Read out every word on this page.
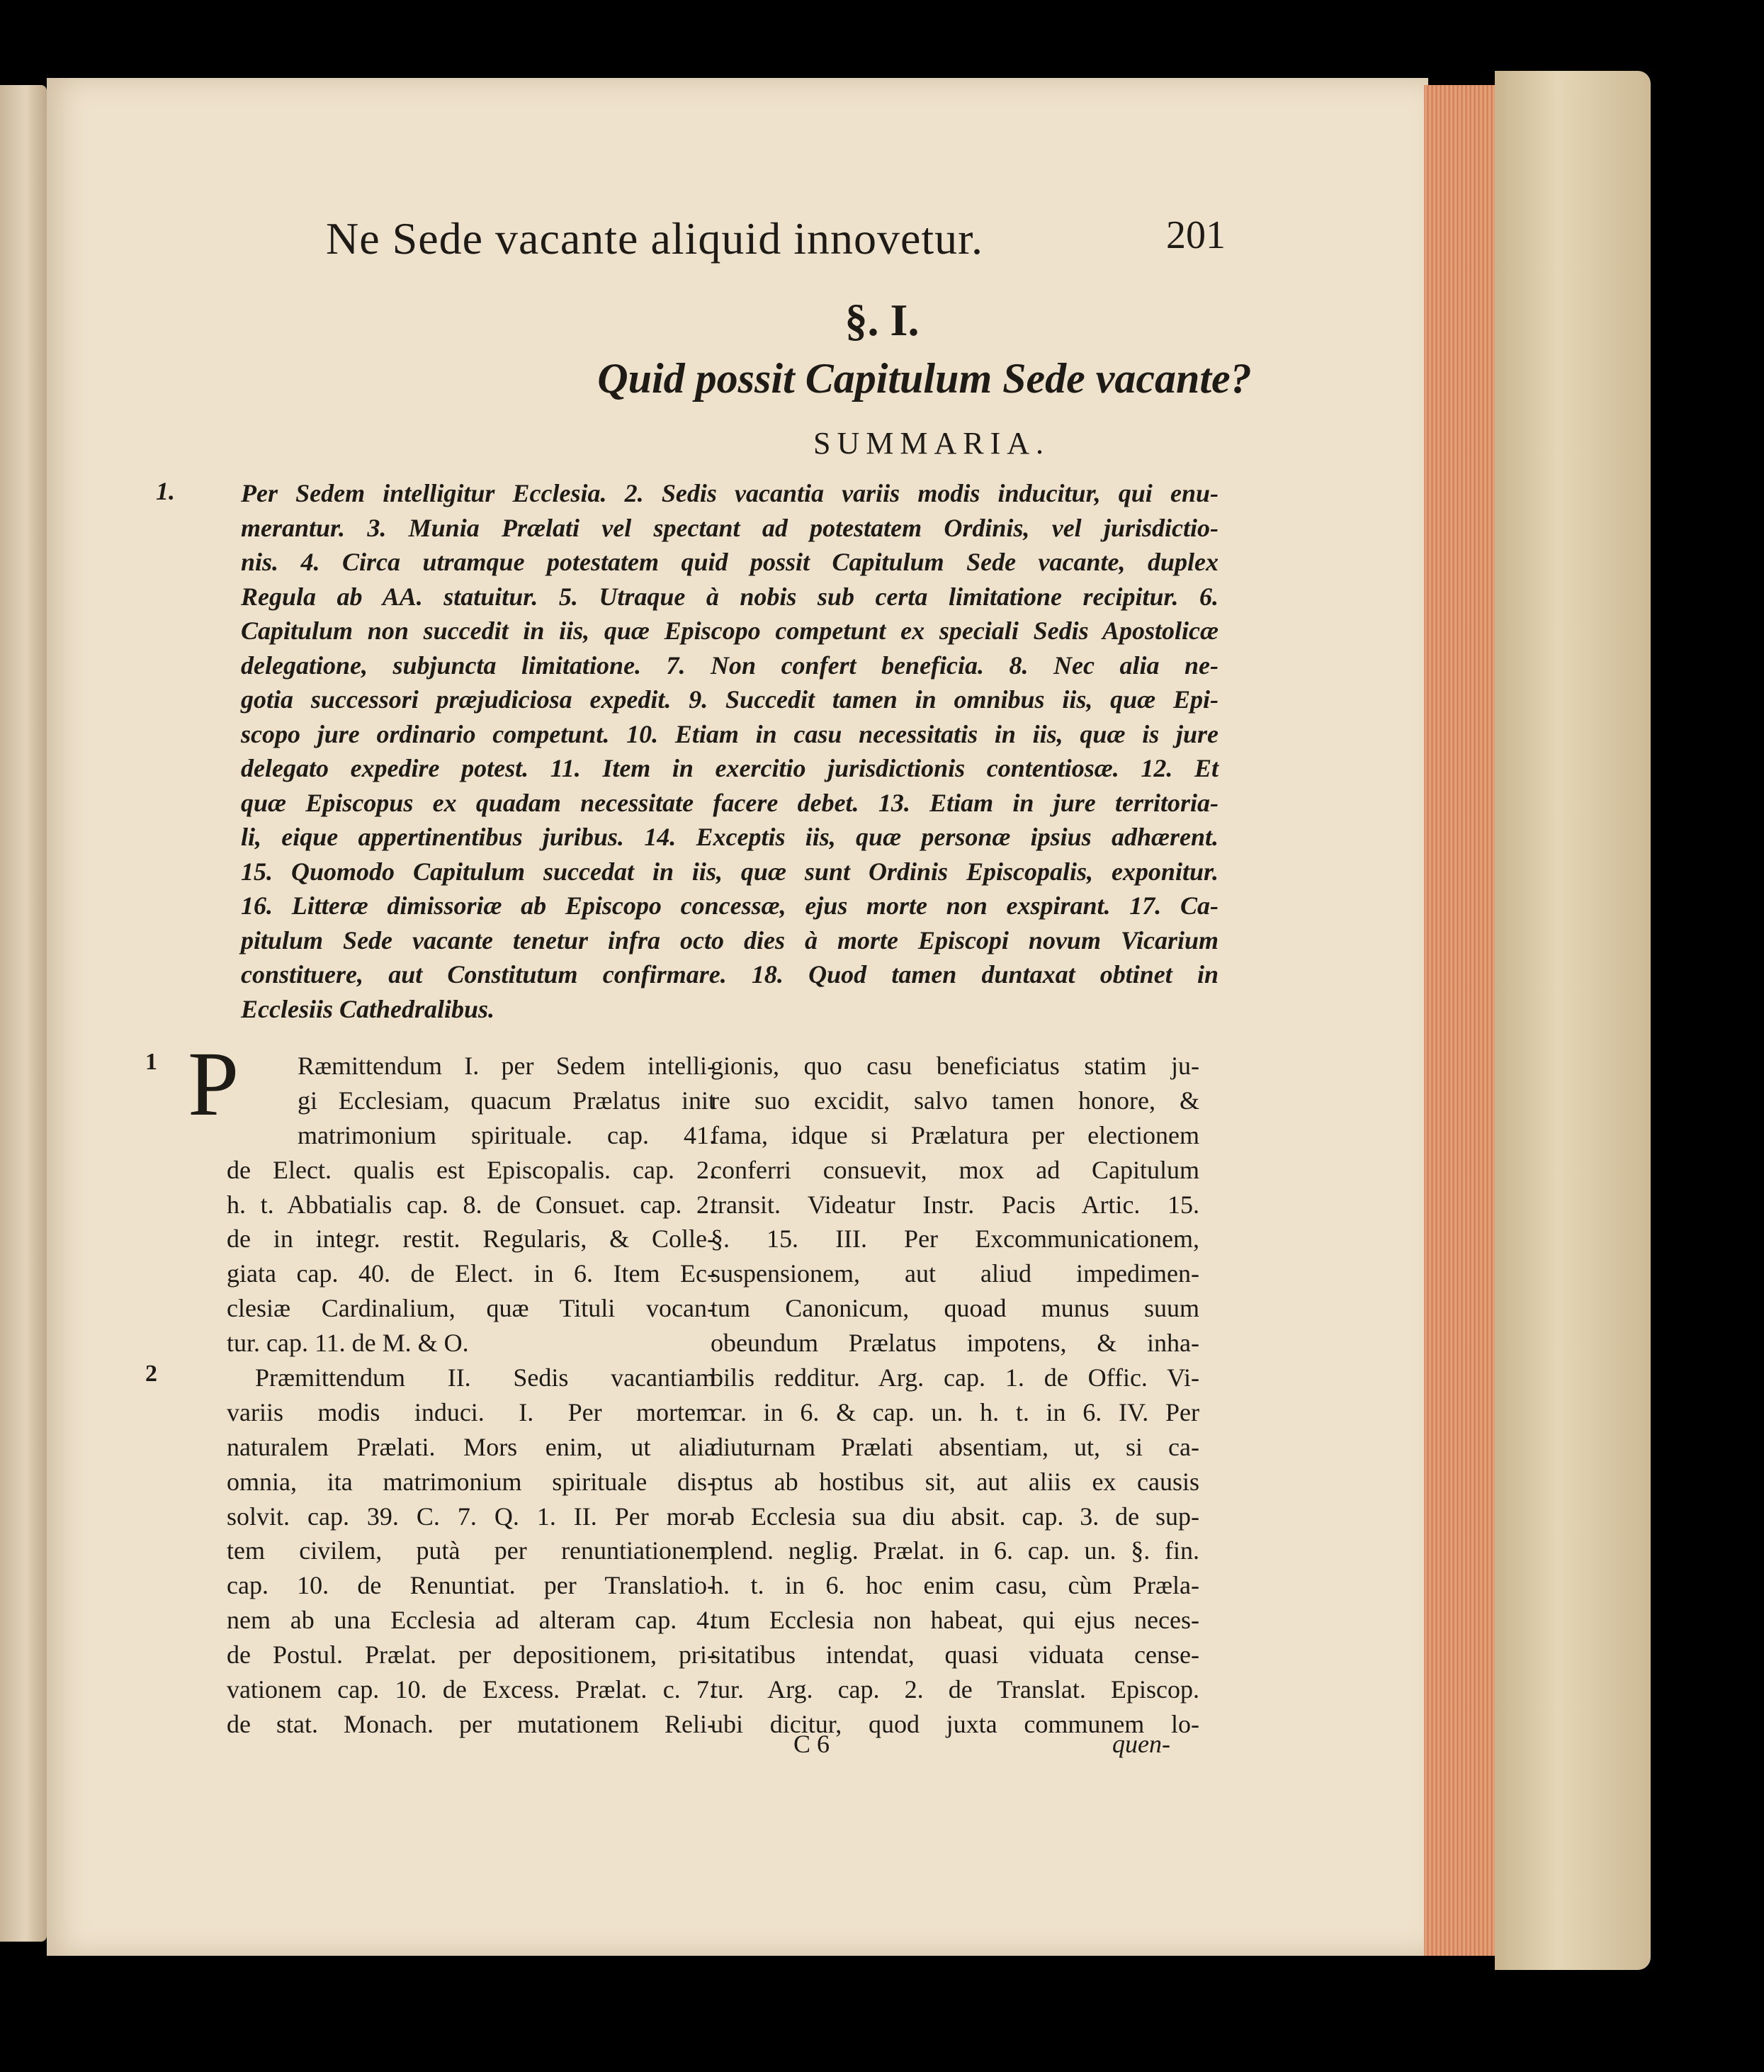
Ne Sede vacante aliquid innovetur.	201
§. I.
Quid possit Capitulum Sede vacante?
SUMMARIA.
1.	Per Sedem intelligitur Ecclesia. 2. Sedis vacantia variis modis inducitur, qui enu-
merantur. 3. Munia Prælati vel spectant ad potestatem Ordinis, vel jurisdictio-
nis. 4. Circa utramque potestatem quid possit Capitulum Sede vacante, duplex
Regula ab AA. statuitur. 5. Utraque à nobis sub certa limitatione recipitur. 6.
Capitulum non succedit in iis, quæ Episcopo competunt ex speciali Sedis Apostolicæ
delegatione, subjuncta limitatione. 7. Non confert beneficia. 8. Nec alia ne-
gotia successori præjudiciosa expedit. 9. Succedit tamen in omnibus iis, quæ Epi-
scopo jure ordinario competunt. 10. Etiam in casu necessitatis in iis, quæ is jure
delegato expedire potest. 11. Item in exercitio jurisdictionis contentiosæ. 12. Et
quæ Episcopus ex quadam necessitate facere debet. 13. Etiam in jure territoria-
li, eique appertinentibus juribus. 14. Exceptis iis, quæ personæ ipsius adhærent.
15. Quomodo Capitulum succedat in iis, quæ sunt Ordinis Episcopalis, exponitur.
16. Litteræ dimissoriæ ab Episcopo concessæ, ejus morte non exspirant. 17. Ca-
pitulum Sede vacante tenetur infra octo dies à morte Episcopi novum Vicarium
constituere, aut Constitutum confirmare. 18. Quod tamen duntaxat obtinet in
Ecclesiis Cathedralibus.
1
2
P	Ræmittendum I. per Sedem intelli-
gi Ecclesiam, quacum Prælatus init
matrimonium spirituale. cap. 41.
de Elect. qualis est Episcopalis. cap. 2.
h. t. Abbatialis cap. 8. de Consuet. cap. 2.
de in integr. restit. Regularis, & Colle-
giata cap. 40. de Elect. in 6. Item Ec-
clesiæ Cardinalium, quæ Tituli vocan-
tur. cap. 11. de M. & O.
Præmittendum II. Sedis vacantiam
variis modis induci. I. Per mortem
naturalem Prælati. Mors enim, ut alia
omnia, ita matrimonium spirituale dis-
solvit. cap. 39. C. 7. Q. 1. II. Per mor-
tem civilem, putà per renuntiationem
cap. 10. de Renuntiat. per Translatio-
nem ab una Ecclesia ad alteram cap. 4.
de Postul. Prælat. per depositionem, pri-
vationem cap. 10. de Excess. Prælat. c. 7.
de stat. Monach. per mutationem Reli-
gionis, quo casu beneficiatus statim ju-
re suo excidit, salvo tamen honore, &
fama, idque si Prælatura per electionem
conferri consuevit, mox ad Capitulum
transit. Videatur Instr. Pacis Artic. 15.
§. 15. III. Per Excommunicationem,
suspensionem, aut aliud impedimen-
tum Canonicum, quoad munus suum
obeundum Prælatus impotens, & inha-
bilis redditur. Arg. cap. 1. de Offic. Vi-
car. in 6. & cap. un. h. t. in 6. IV. Per
diuturnam Prælati absentiam, ut, si ca-
ptus ab hostibus sit, aut aliis ex causis
ab Ecclesia sua diu absit. cap. 3. de sup-
plend. neglig. Prælat. in 6. cap. un. §. fin.
h. t. in 6. hoc enim casu, cùm Præla-
tum Ecclesia non habeat, qui ejus neces-
sitatibus intendat, quasi viduata cense-
tur. Arg. cap. 2. de Translat. Episcop.
ubi dicitur, quod juxta communem lo-
C 6	quen-
